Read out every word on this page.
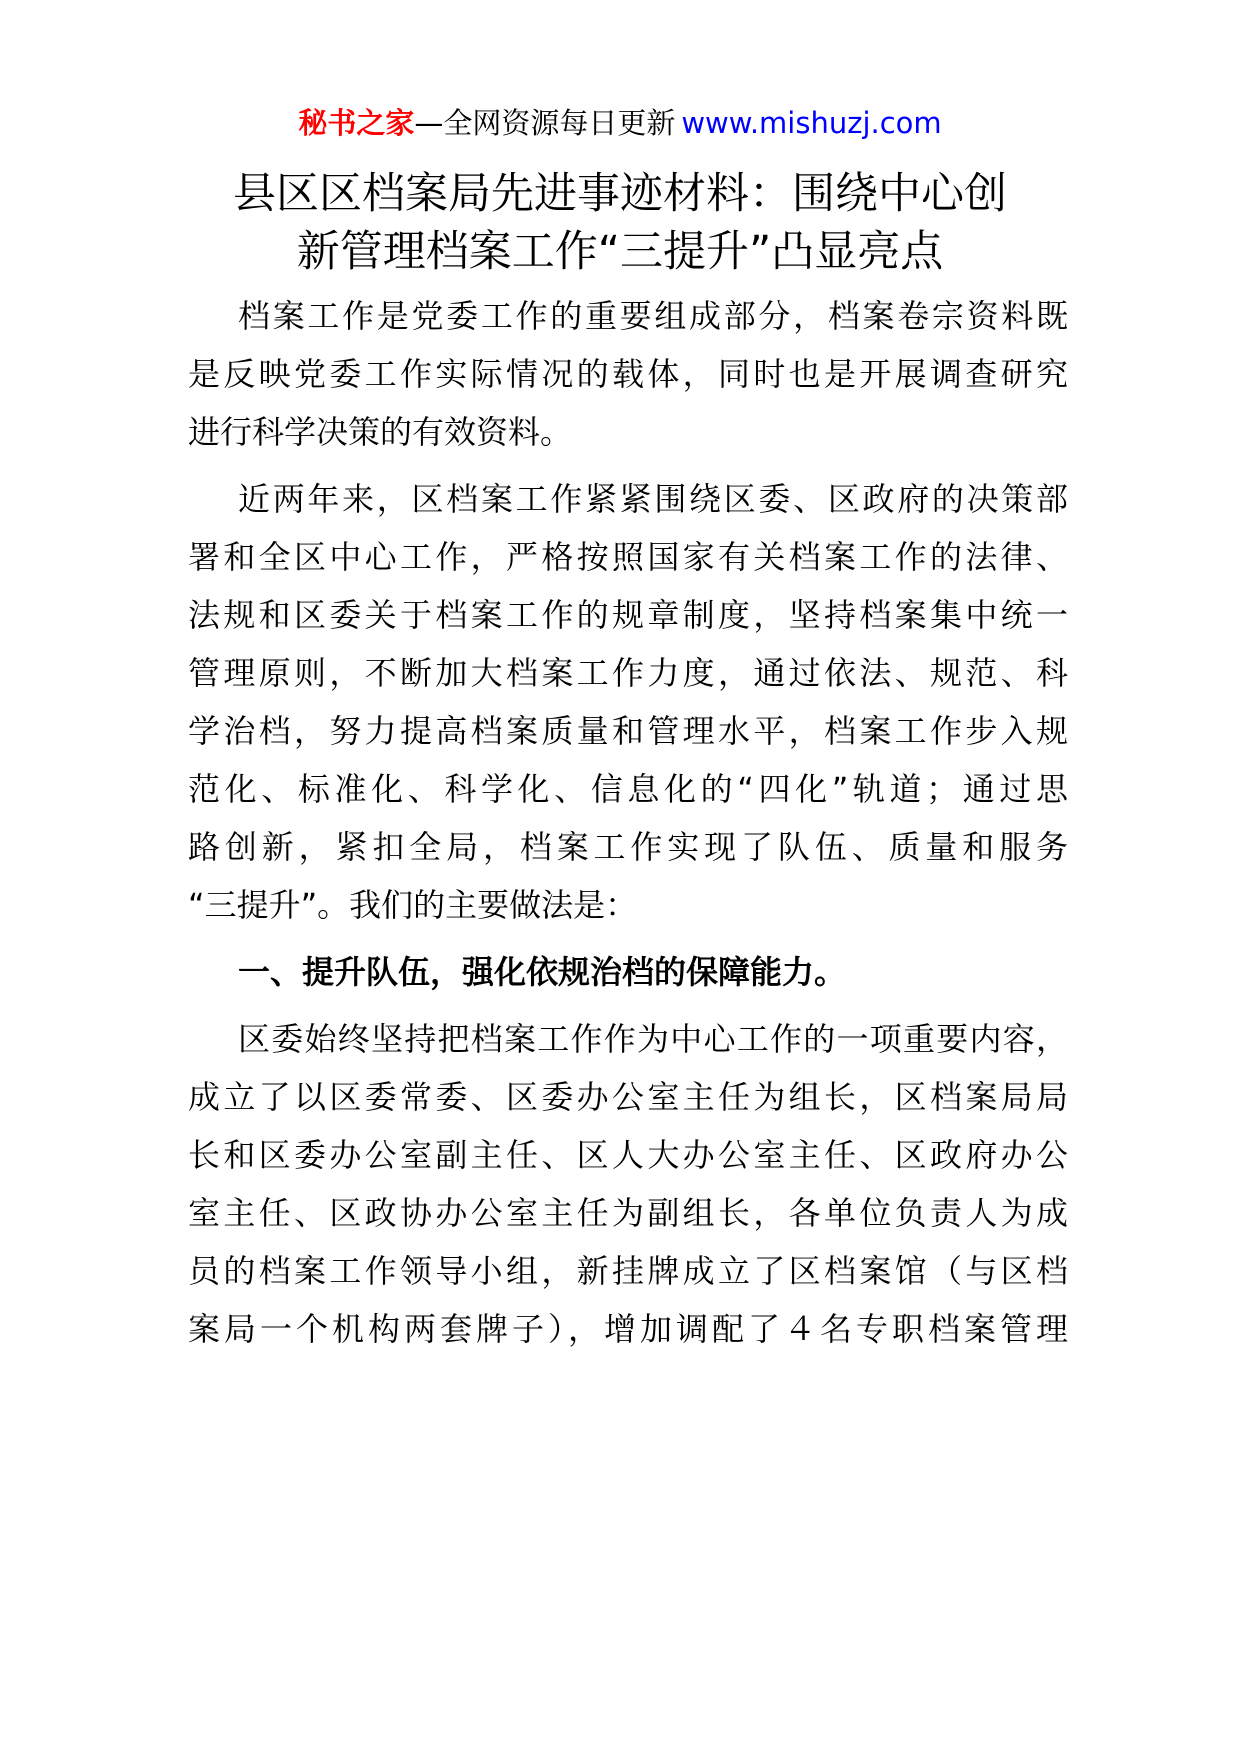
秘书之家—全网资源每日更新 www.mishuzj.com
县区区档案局先进事迹材料：围绕中心创
新管理档案工作“三提升”凸显亮点
档案工作是党委工作的重要组成部分，档案卷宗资料既
是反映党委工作实际情况的载体，同时也是开展调查研究
进行科学决策的有效资料。
近两年来，区档案工作紧紧围绕区委、区政府的决策部
署和全区中心工作，严格按照国家有关档案工作的法律、
法规和区委关于档案工作的规章制度，坚持档案集中统一
管理原则，不断加大档案工作力度，通过依法、规范、科
学治档，努力提高档案质量和管理水平，档案工作步入规
范化、标准化、科学化、信息化的“四化”轨道；通过思
路创新，紧扣全局，档案工作实现了队伍、质量和服务
“三提升”。我们的主要做法是：
一、提升队伍，强化依规治档的保障能力。
区委始终坚持把档案工作作为中心工作的一项重要内容，
成立了以区委常委、区委办公室主任为组长，区档案局局
长和区委办公室副主任、区人大办公室主任、区政府办公
室主任、区政协办公室主任为副组长，各单位负责人为成
员的档案工作领导小组，新挂牌成立了区档案馆（与区档
案局一个机构两套牌子），增加调配了４名专职档案管理
